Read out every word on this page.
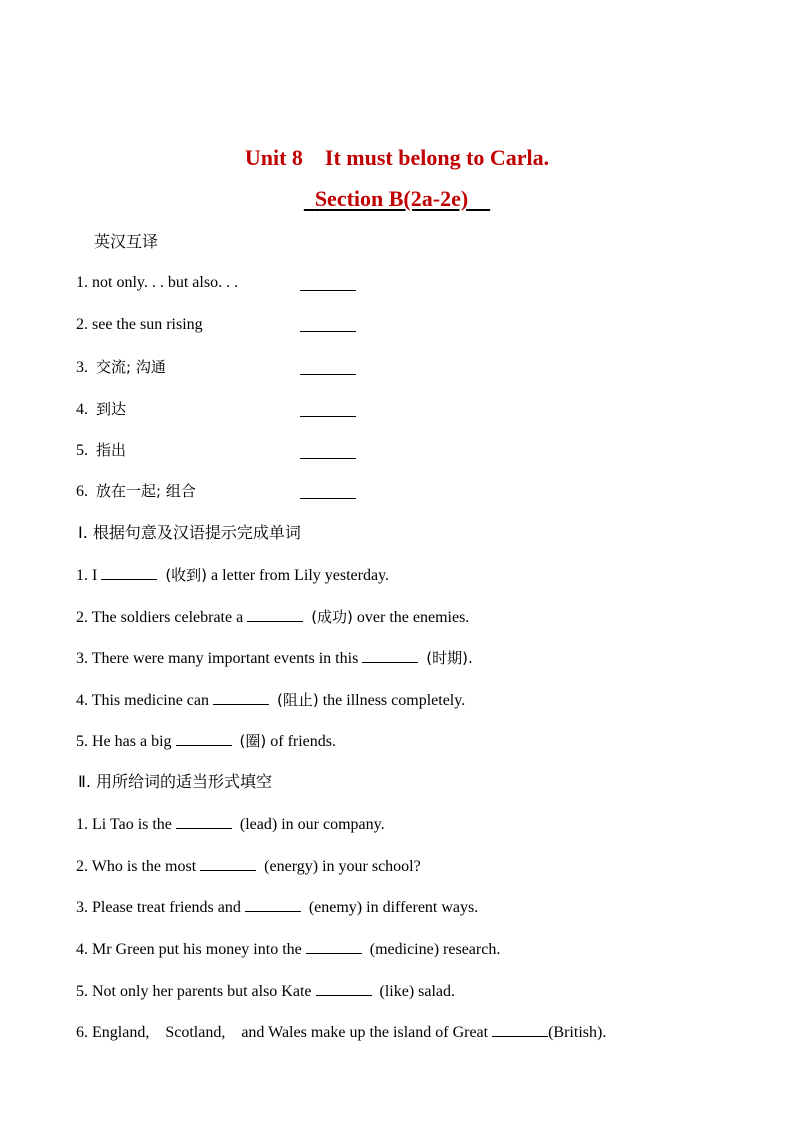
Unit 8 It must belong to Carla.
Section B(2a-2e)
英汉互译
1. not only. . . but also. . .
2. see the sun rising
3. 交流; 沟通
4. 到达
5. 指出
6. 放在一起; 组合
Ⅰ. 根据句意及汉语提示完成单词
1. I	(收到) a letter from Lily yesterday.
2. The soldiers celebrate a	(成功) over the enemies.
3. There were many important events in this	(时期).
4. This medicine can	(阻止) the illness completely.
5. He has a big	(圈) of friends.
Ⅱ. 用所给词的适当形式填空
1. Li Tao is the	(lead) in our company.
2. Who is the most	(energy) in your school?
3. Please treat friends and	(enemy) in different ways.
4. Mr Green put his money into the	(medicine) research.
5. Not only her parents but also Kate	(like) salad.
6. England,    Scotland,    and Wales make up the island of Great	(British).
